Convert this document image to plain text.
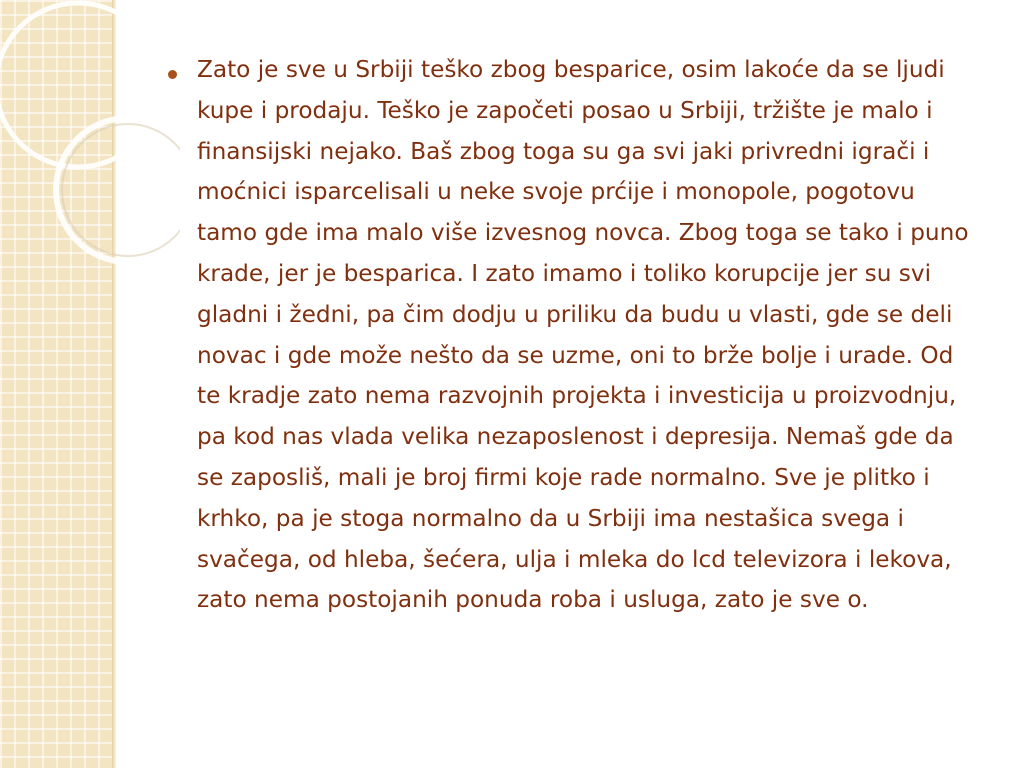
Zato je sve u Srbiji teško zbog besparice, osim lakoće da se ljudi kupe i prodaju. Teško je započeti posao u Srbiji, tržište je malo i finansijski nejako. Baš zbog toga su ga svi jaki privredni igrači i moćnici isparcelisali u neke svoje prćije i monopole, pogotovu tamo gde ima malo više izvesnog novca. Zbog toga se tako i puno krade, jer je besparica. I zato imamo i toliko korupcije jer su svi gladni i žedni, pa čim dodju u priliku da budu u vlasti, gde se deli novac i gde može nešto da se uzme, oni to brže bolje i urade. Od te kradje zato nema razvojnih projekta i investicija u proizvodnju, pa kod nas vlada velika nezaposlenost i depresija. Nemaš gde da se zaposliš, mali je broj firmi koje rade normalno. Sve je plitko i krhko, pa je stoga normalno da u Srbiji ima nestašica svega i svačega, od hleba, šećera, ulja i mleka do lcd televizora i lekova, zato nema postojanih ponuda roba i usluga, zato je sve o.
